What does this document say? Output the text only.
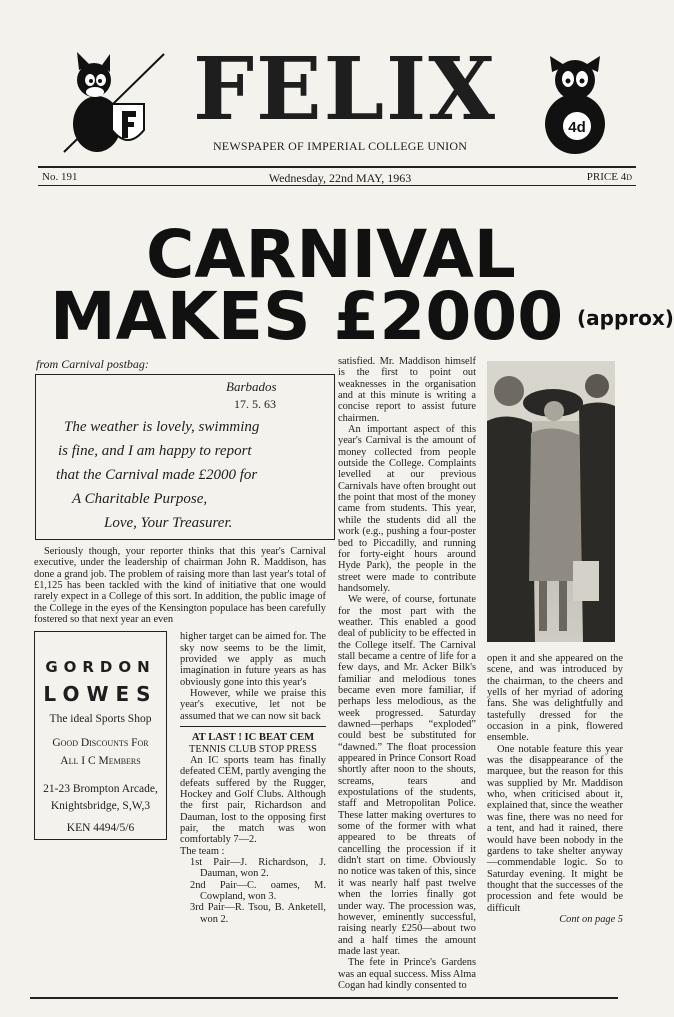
FELIX	4d
NEWSPAPER OF IMPERIAL COLLEGE UNION
No. 191	Wednesday, 22nd MAY, 1963	PRICE 4d
CARNIVAL
MAKES £2000 (approx)
from Carnival postbag:
Barbados
17. 5. 63
The weather is lovely, swimming
is fine, and I am happy to report
that the Carnival made £2000 for
A Charitable Purpose,
Love, Your Treasurer.

Seriously though, your reporter thinks that this year's Carnival executive, under the leadership of chairman John R. Maddison, has done a grand job. The problem of raising more than last year's total of £1,125 has been tackled with the kind of initiative that one would rarely expect in a College of this sort. In addition, the public image of the College in the eyes of the Kensington populace has been carefully fostered so that next year an even

GORDON
LOWES
The ideal Sports Shop
Good Discounts For
All I C Members
21-23 Brompton Arcade,
Knightsbridge, S,W,3
KEN 4494/5/6

higher target can be aimed for. The sky now seems to be the limit, provided we apply as much imagination in future years as has obviously gone into this year's

However, while we praise this year's executive, let not be assumed that we can now sit back

AT LAST ! IC BEAT CEM
TENNIS CLUB STOP PRESS

An IC sports team has finally defeated CEM, partly avenging the defeats suffered by the Rugger, Hockey and Golf Clubs. Although the first pair, Richardson and Dauman, lost to the opposing first pair, the match was won comfortably 7—2.

The team :
1st Pair—J. Richardson, J. Dauman, won 2.
2nd Pair—C. oames, M. Cowpland, won 3.
3rd Pair—R. Tsou, B. Anketell, won 2.

satisfied. Mr. Maddison himself is the first to point out weaknesses in the organisation and at this minute is writing a concise report to assist future chairmen.

An important aspect of this year's Carnival is the amount of money collected from people outside the College. Complaints levelled at our previous Carnivals have often brought out the point that most of the money came from students. This year, while the students did all the work (e.g., pushing a four-poster bed to Piccadilly, and running for forty-eight hours around Hyde Park), the people in the street were made to contribute handsomely.

We were, of course, fortunate for the most part with the weather. This enabled a good deal of publicity to be effected in the College itself. The Carnival stall became a centre of life for a few days, and Mr. Acker Bilk's familiar and melodious tones became even more familiar, if perhaps less melodious, as the week progressed. Saturday dawned—perhaps “exploded” could best be substituted for “dawned.” The float procession appeared in Prince Consort Road shortly after noon to the shouts, screams, tears and expostulations of the students, staff and Metropolitan Police. These latter making overtures to some of the former with what appeared to be threats of cancelling the procession if it didn't start on time. Obviously no notice was taken of this, since it was nearly half past twelve when the lorries finally got under way. The procession was, however, eminently successful, raising nearly £250—about two and a half times the amount made last year.

The fete in Prince's Gardens was an equal success. Miss Alma Cogan had kindly consented to

open it and she appeared on the scene, and was introduced by the chairman, to the cheers and yells of her myriad of adoring fans. She was delightfully and tastefully dressed for the occasion in a pink, flowered ensemble.

One notable feature this year was the disappearance of the marquee, but the reason for this was supplied by Mr. Maddison who, when criticised about it, explained that, since the weather was fine, there was no need for a tent, and had it rained, there would have been nobody in the gardens to take shelter anyway—commendable logic. So to Saturday evening. It might be thought that the successes of the procession and fete would be difficult

Cont on page 5
